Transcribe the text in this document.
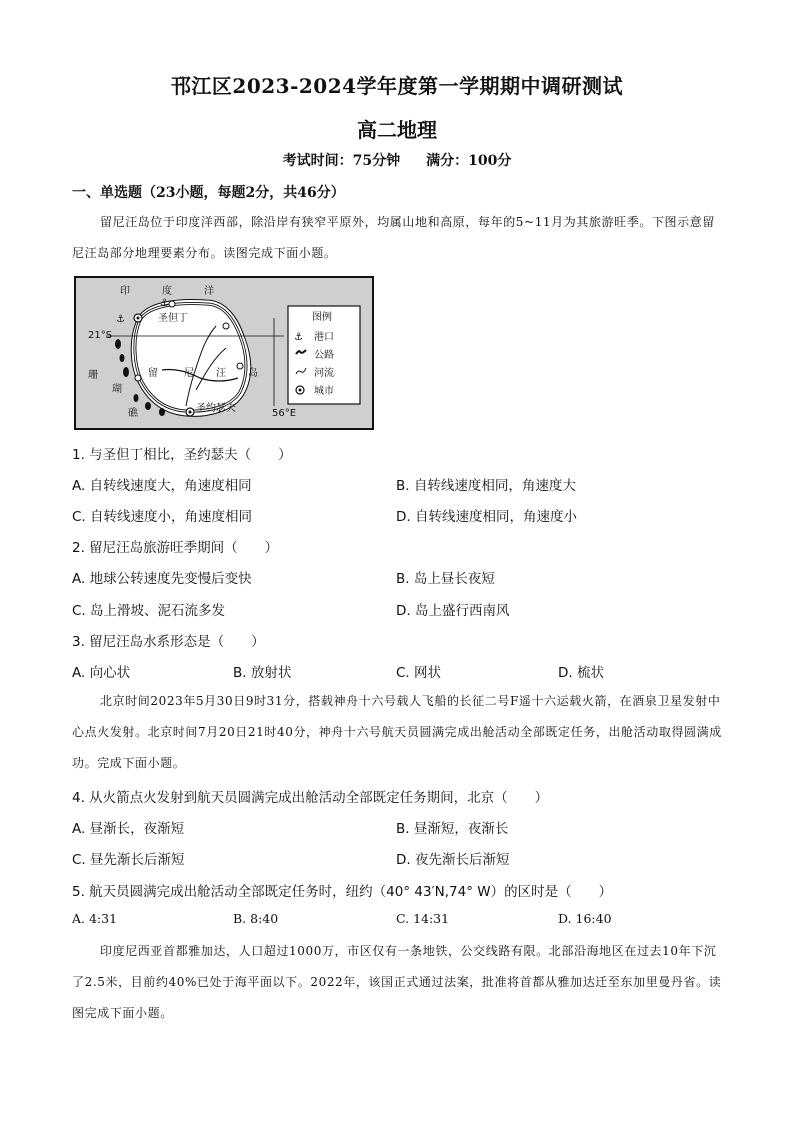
邗江区2023-2024学年度第一学期期中调研测试
高二地理
考试时间：75分钟 满分：100分
一、单选题（23小题，每题2分，共46分）
留尼汪岛位于印度洋西部，除沿岸有狭窄平原外，均属山地和高原，每年的5~11月为其旅游旺季。下图示意留尼汪岛部分地理要素分布。读图完成下面小题。
21°S
56°E
印	度	洋
珊
瑚
礁
留	尼 汪 岛
圣但丁
圣约瑟夫
⚓
⚓
图例
⚓ 港口
公路
河流
城市
1. 与圣但丁相比，圣约瑟夫（　　）
A. 自转线速度大，角速度相同	B. 自转线速度相同，角速度大
C. 自转线速度小，角速度相同	D. 自转线速度相同，角速度小
2. 留尼汪岛旅游旺季期间（　　）
A. 地球公转速度先变慢后变快	B. 岛上昼长夜短
C. 岛上滑坡、泥石流多发	D. 岛上盛行西南风
3. 留尼汪岛水系形态是（　　）
A. 向心状	B. 放射状	C. 网状	D. 梳状
北京时间2023年5月30日9时31分，搭载神舟十六号载人飞船的长征二号F遥十六运载火箭，在酒泉卫星发射中心点火发射。北京时间7月20日21时40分，神舟十六号航天员圆满完成出舱活动全部既定任务，出舱活动取得圆满成功。完成下面小题。
4. 从火箭点火发射到航天员圆满完成出舱活动全部既定任务期间，北京（　　）
A. 昼渐长，夜渐短	B. 昼渐短，夜渐长
C. 昼先渐长后渐短	D. 夜先渐长后渐短
5. 航天员圆满完成出舱活动全部既定任务时，纽约（40° 43′N,74° W）的区时是（　　）
A. 4:31	B. 8:40	C. 14:31	D. 16:40
印度尼西亚首都雅加达，人口超过1000万，市区仅有一条地铁，公交线路有限。北部沿海地区在过去10年下沉了2.5米，目前约40%已处于海平面以下。2022年，该国正式通过法案，批准将首都从雅加达迁至东加里曼丹省。读图完成下面小题。
